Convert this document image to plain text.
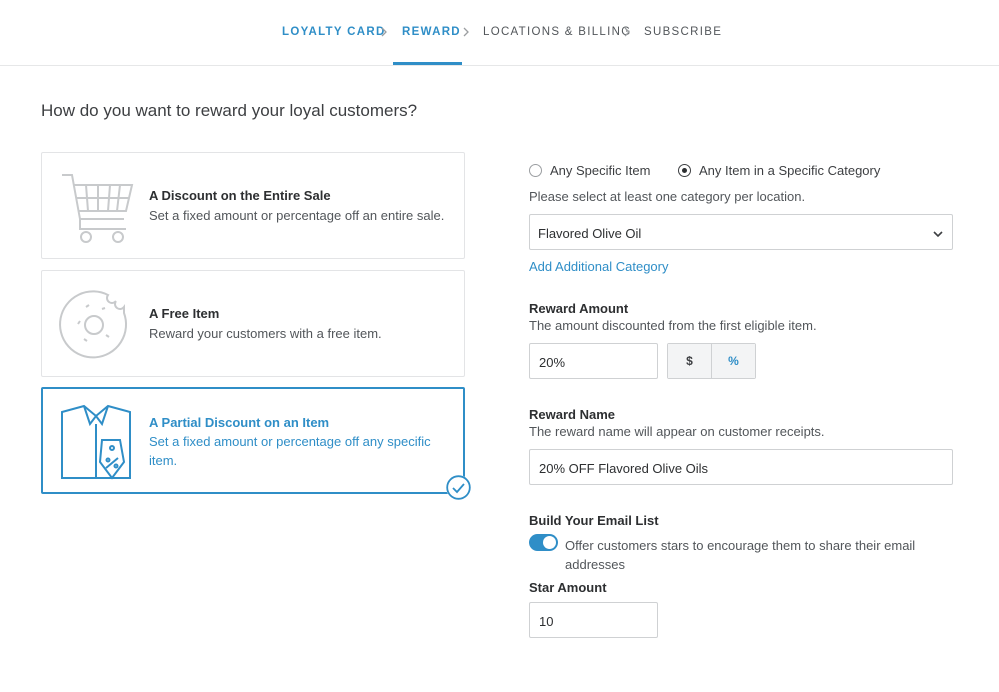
LOYALTY CARD REWARD LOCATIONS & BILLING SUBSCRIBE
How do you want to reward your loyal customers?
A Discount on the Entire Sale
Set a fixed amount or percentage off an entire sale.
A Free Item
Reward your customers with a free item.
A Partial Discount on an Item
Set a fixed amount or percentage off any specific item.
Any Specific Item	Any Item in a Specific Category
Please select at least one category per location.
Flavored Olive Oil
Add Additional Category
Reward Amount
The amount discounted from the first eligible item.
20%	$	%
Reward Name
The reward name will appear on customer receipts.
20% OFF Flavored Olive Oils
Build Your Email List
Offer customers stars to encourage them to share their email addresses
Star Amount
10
